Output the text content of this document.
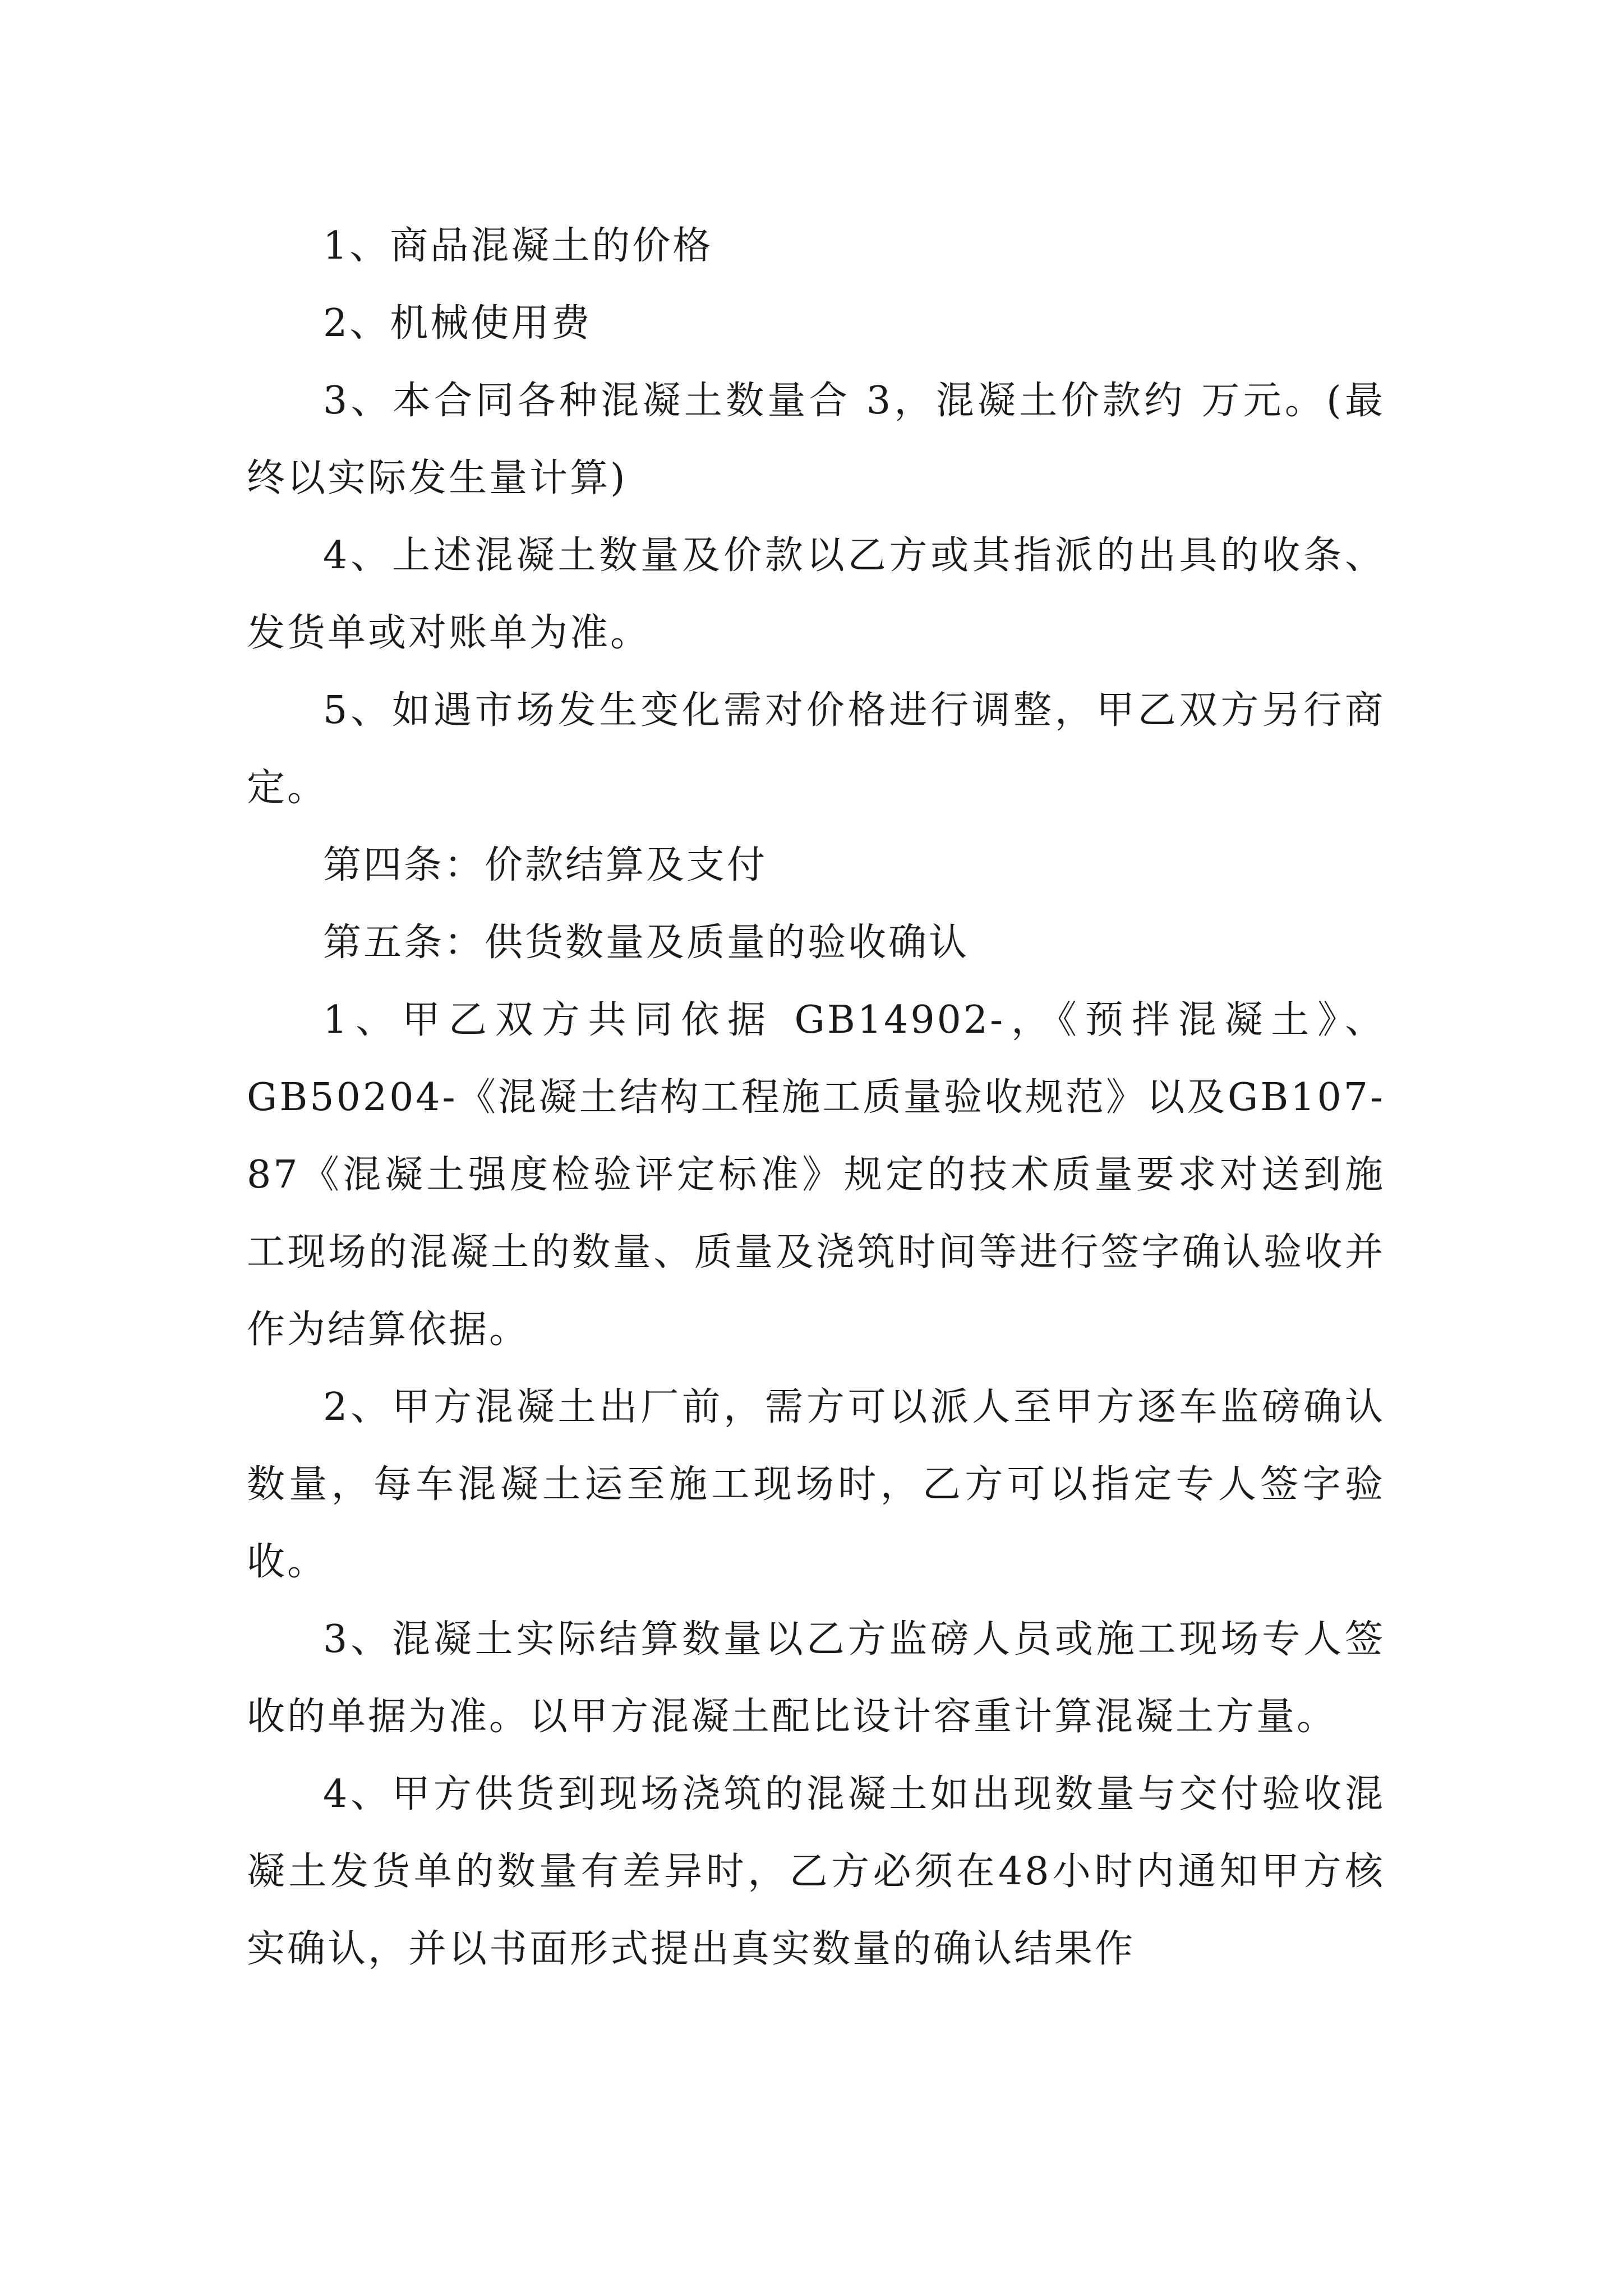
1、商品混凝土的价格

2、机械使用费

3、本合同各种混凝土数量合 3，混凝土价款约 万元。(最终以实际发生量计算)

4、上述混凝土数量及价款以乙方或其指派的出具的收条、发货单或对账单为准。

5、如遇市场发生变化需对价格进行调整，甲乙双方另行商定。

第四条：价款结算及支付

第五条：供货数量及质量的验收确认

1、甲乙双方共同依据 GB14902-，《预拌混凝土》、GB50204-《混凝土结构工程施工质量验收规范》以及GB107-87《混凝土强度检验评定标准》规定的技术质量要求对送到施工现场的混凝土的数量、质量及浇筑时间等进行签字确认验收并作为结算依据。

2、甲方混凝土出厂前，需方可以派人至甲方逐车监磅确认数量，每车混凝土运至施工现场时，乙方可以指定专人签字验收。

3、混凝土实际结算数量以乙方监磅人员或施工现场专人签收的单据为准。以甲方混凝土配比设计容重计算混凝土方量。

4、甲方供货到现场浇筑的混凝土如出现数量与交付验收混凝土发货单的数量有差异时，乙方必须在48小时内通知甲方核实确认，并以书面形式提出真实数量的确认结果作
